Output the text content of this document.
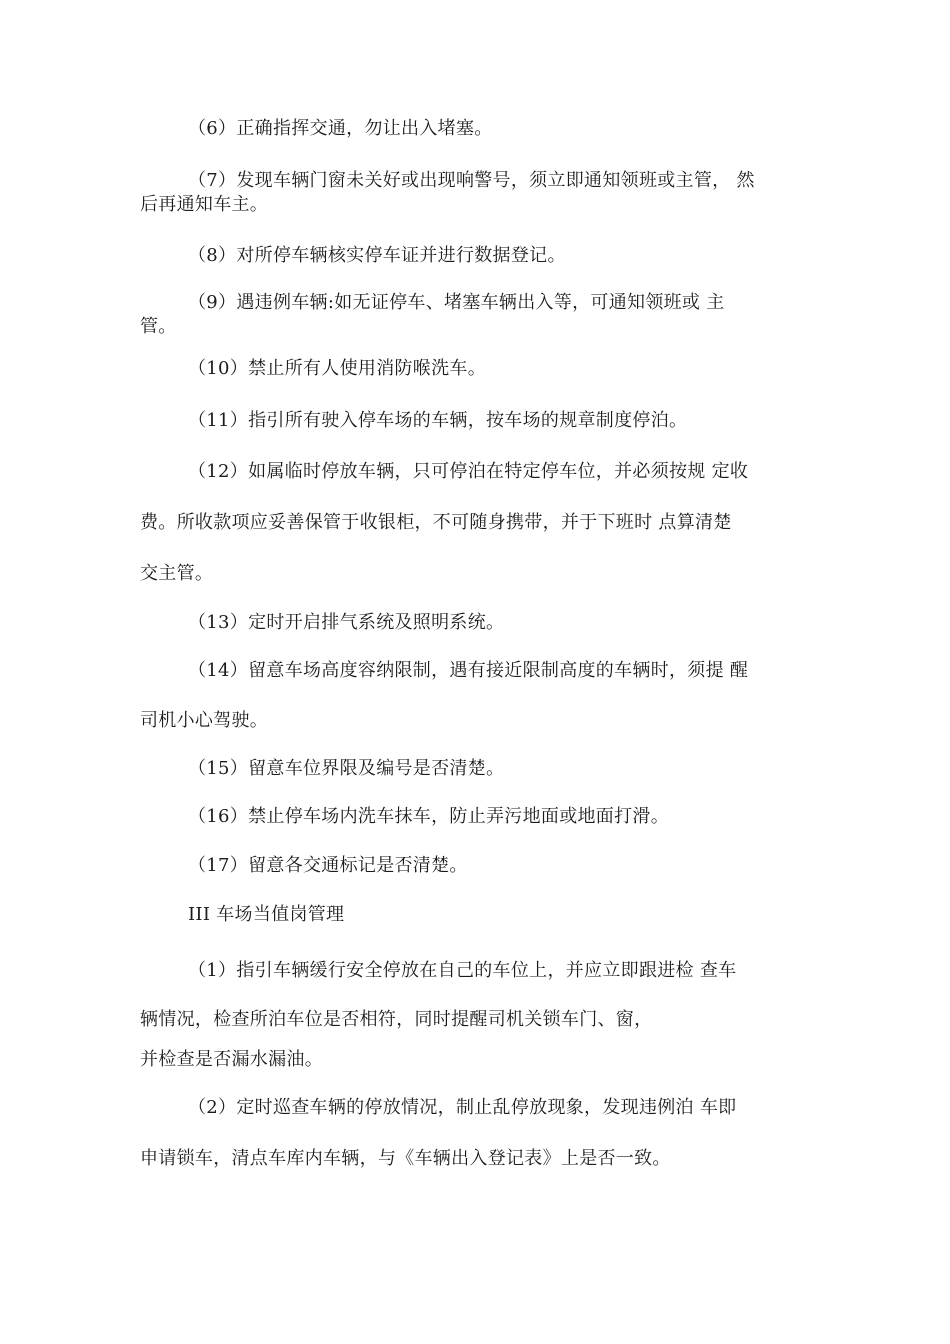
（6）正确指挥交通，勿让出入堵塞。
（7）发现车辆门窗未关好或出现响警号，须立即通知领班或主管， 然
后再通知车主。
（8）对所停车辆核实停车证并进行数据登记。
（9）遇违例车辆:如无证停车、堵塞车辆出入等，可通知领班或 主
管。
（10）禁止所有人使用消防喉洗车。
（11）指引所有驶入停车场的车辆，按车场的规章制度停泊。
（12）如属临时停放车辆，只可停泊在特定停车位，并必须按规 定收
费。所收款项应妥善保管于收银柜，不可随身携带，并于下班时 点算清楚
交主管。
（13）定时开启排气系统及照明系统。
（14）留意车场高度容纳限制，遇有接近限制高度的车辆时，须提 醒
司机小心驾驶。
（15）留意车位界限及编号是否清楚。
（16）禁止停车场内洗车抹车，防止弄污地面或地面打滑。
（17）留意各交通标记是否清楚。
III 车场当值岗管理
（1）指引车辆缓行安全停放在自己的车位上，并应立即跟进检 查车
辆情况，检查所泊车位是否相符，同时提醒司机关锁车门、窗，
并检查是否漏水漏油。
（2）定时巡查车辆的停放情况，制止乱停放现象，发现违例泊 车即
申请锁车，清点车库内车辆，与《车辆出入登记表》上是否一致。
